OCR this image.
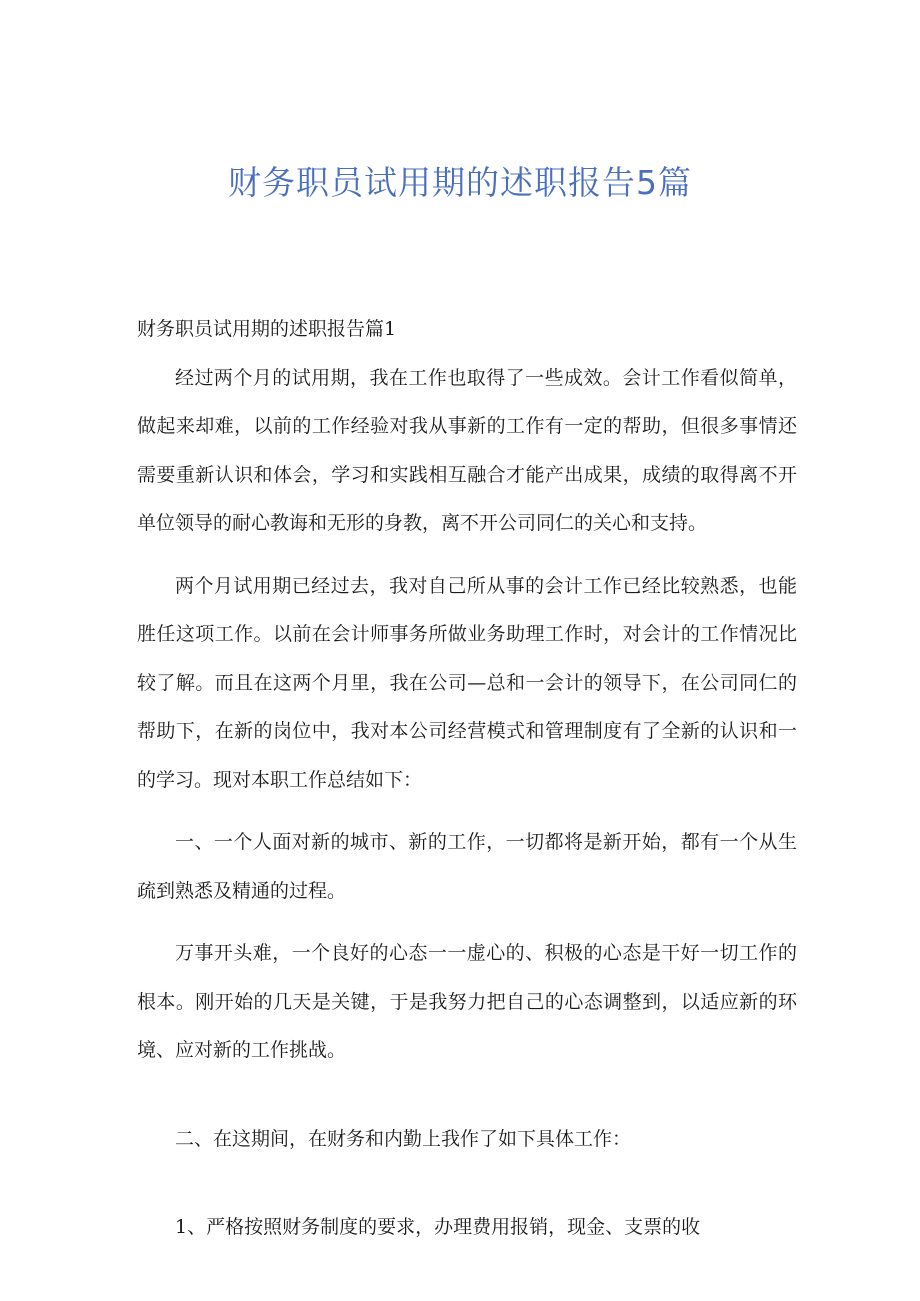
财务职员试用期的述职报告5篇

财务职员试用期的述职报告篇1

经过两个月的试用期，我在工作也取得了一些成效。会计工作看似简单，做起来却难，以前的工作经验对我从事新的工作有一定的帮助，但很多事情还需要重新认识和体会，学习和实践相互融合才能产出成果，成绩的取得离不开单位领导的耐心教诲和无形的身教，离不开公司同仁的关心和支持。

两个月试用期已经过去，我对自己所从事的会计工作已经比较熟悉，也能胜任这项工作。以前在会计师事务所做业务助理工作时，对会计的工作情况比较了解。而且在这两个月里，我在公司—总和一会计的领导下，在公司同仁的帮助下，在新的岗位中，我对本公司经营模式和管理制度有了全新的认识和一的学习。现对本职工作总结如下：

一、一个人面对新的城市、新的工作，一切都将是新开始，都有一个从生疏到熟悉及精通的过程。

万事开头难，一个良好的心态一一虚心的、积极的心态是干好一切工作的根本。刚开始的几天是关键，于是我努力把自己的心态调整到，以适应新的环境、应对新的工作挑战。

二、在这期间，在财务和内勤上我作了如下具体工作：

1、严格按照财务制度的要求，办理费用报销，现金、支票的收
